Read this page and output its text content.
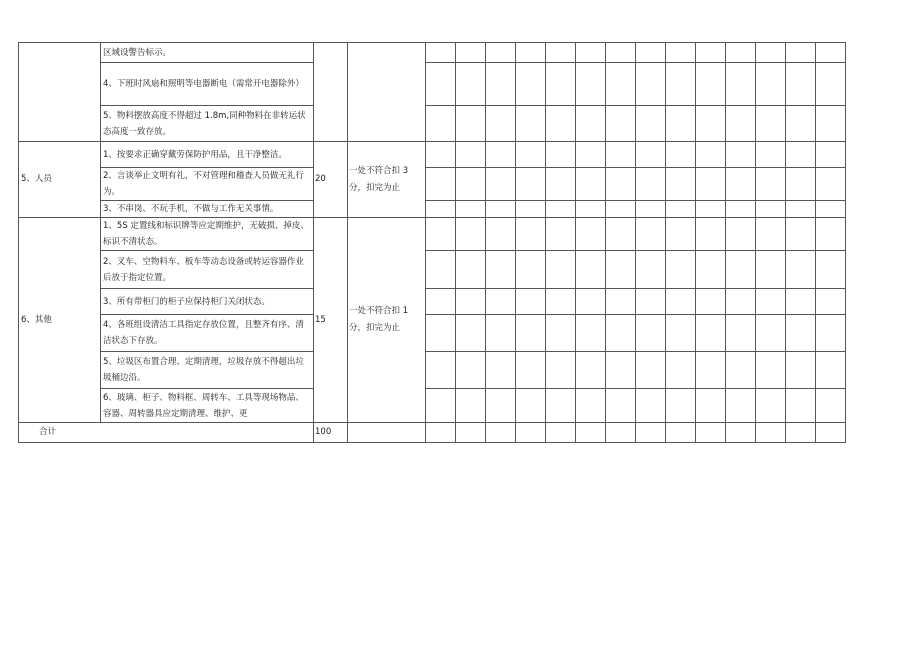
	区域设警告标示。																
	4、下班时风扇和照明等电器断电（需常开电器除外）																
	5、物料摆放高度不得超过 1.8m,同种物料在非转运状态高度一致存放。																
5、人员	1、按要求正确穿戴劳保防护用品，且干净整洁。	20	一处不符合扣 3 分，扣完为止														
	2、言谈举止文明有礼，不对管理和稽查人员做无礼行为。																
	3、不串岗、不玩手机，不做与工作无关事情。																
6、其他	1、5S 定置线和标识牌等应定期维护，无破损、掉皮、标识不清状态。	15	一处不符合扣 1 分，扣完为止														
	2、叉车、空物料车、板车等动态设备或转运容器作业后放于指定位置。																
	3、所有带柜门的柜子应保持柜门关闭状态。																
	4、各班组设清洁工具指定存放位置，且整齐有序、清洁状态下存放。																
	5、垃圾区布置合理、定期清理，垃圾存放不得超出垃圾桶边沿。																
	6、玻璃、柜子、物料框、周转车、工具等现场物品、容器、周转器具应定期清理、维护、更																
合计		100															
